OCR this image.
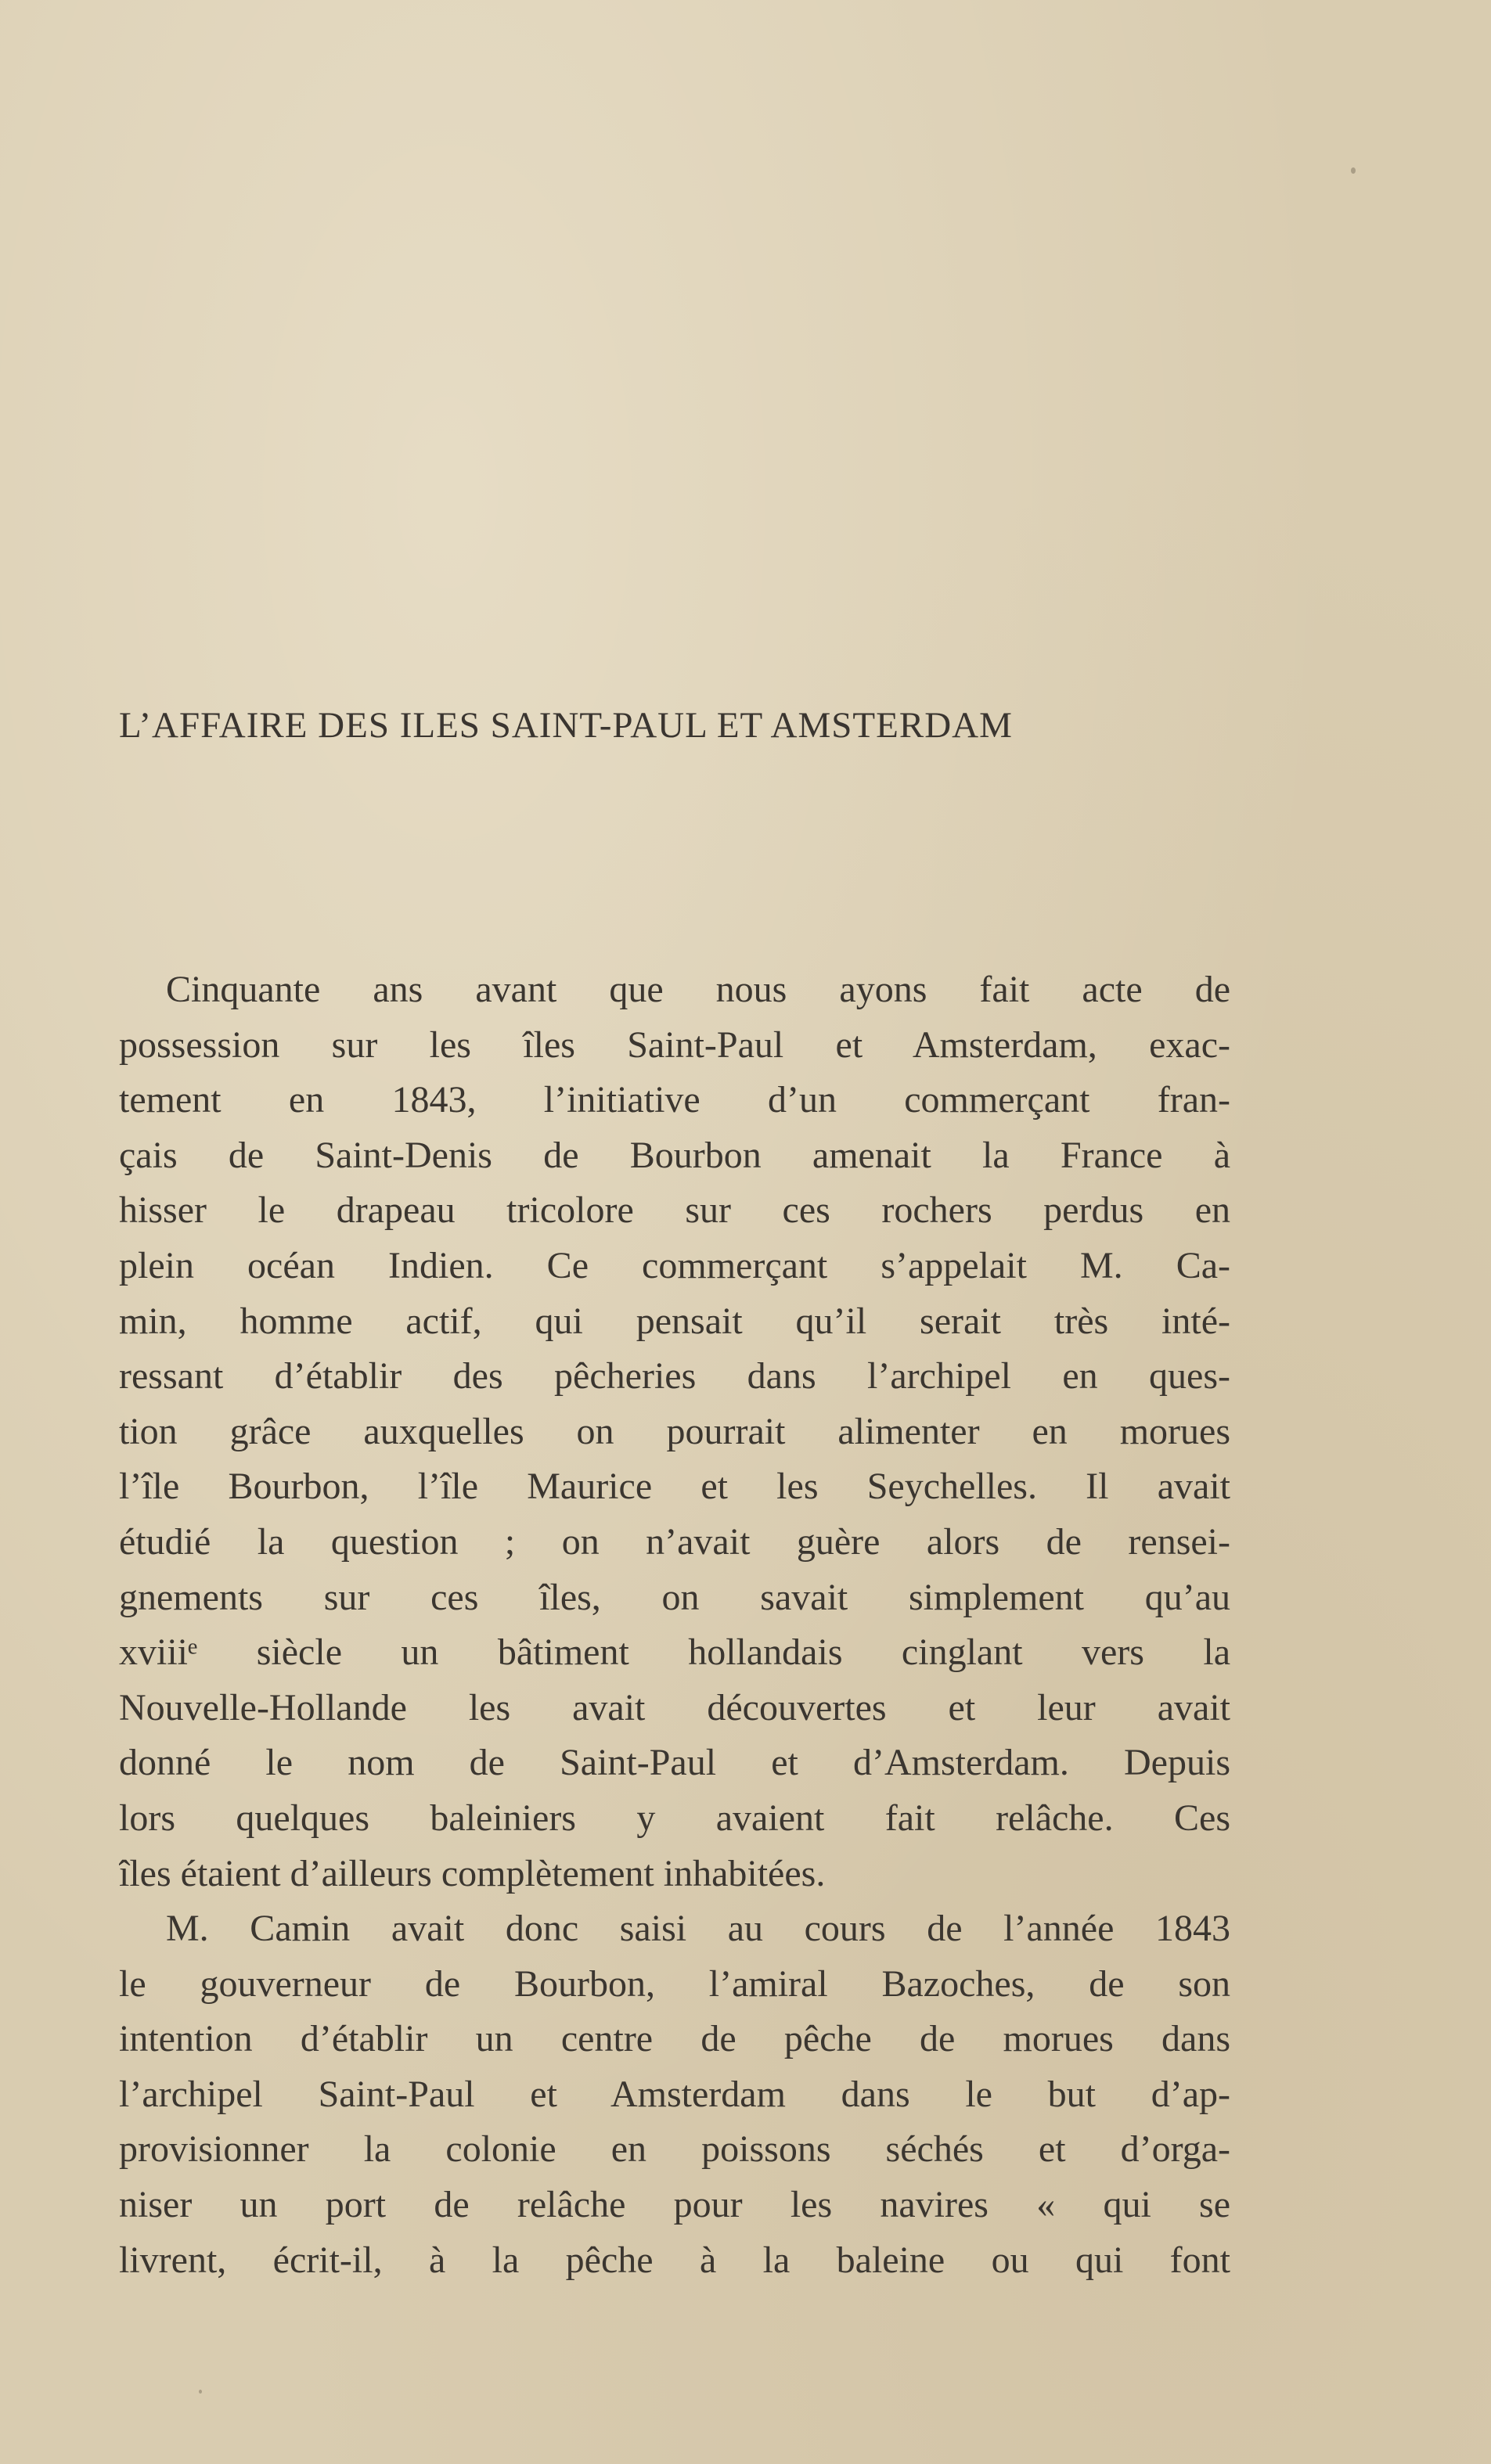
L’AFFAIRE DES ILES SAINT-PAUL ET AMSTERDAM
Cinquante ans avant que nous ayons fait acte de
possession sur les îles Saint-Paul et Amsterdam, exac-
tement en 1843, l’initiative d’un commerçant fran-
çais de Saint-Denis de Bourbon amenait la France à
hisser le drapeau tricolore sur ces rochers perdus en
plein océan Indien. Ce commerçant s’appelait M. Ca-
min, homme actif, qui pensait qu’il serait très inté-
ressant d’établir des pêcheries dans l’archipel en ques-
tion grâce auxquelles on pourrait alimenter en morues
l’île Bourbon, l’île Maurice et les Seychelles. Il avait
étudié la question ; on n’avait guère alors de rensei-
gnements sur ces îles, on savait simplement qu’au
xviiiᵉ siècle un bâtiment hollandais cinglant vers la
Nouvelle-Hollande les avait découvertes et leur avait
donné le nom de Saint-Paul et d’Amsterdam. Depuis
lors quelques baleiniers y avaient fait relâche. Ces
îles étaient d’ailleurs complètement inhabitées.
M. Camin avait donc saisi au cours de l’année 1843
le gouverneur de Bourbon, l’amiral Bazoches, de son
intention d’établir un centre de pêche de morues dans
l’archipel Saint-Paul et Amsterdam dans le but d’ap-
provisionner la colonie en poissons séchés et d’orga-
niser un port de relâche pour les navires « qui se
livrent, écrit-il, à la pêche à la baleine ou qui font
